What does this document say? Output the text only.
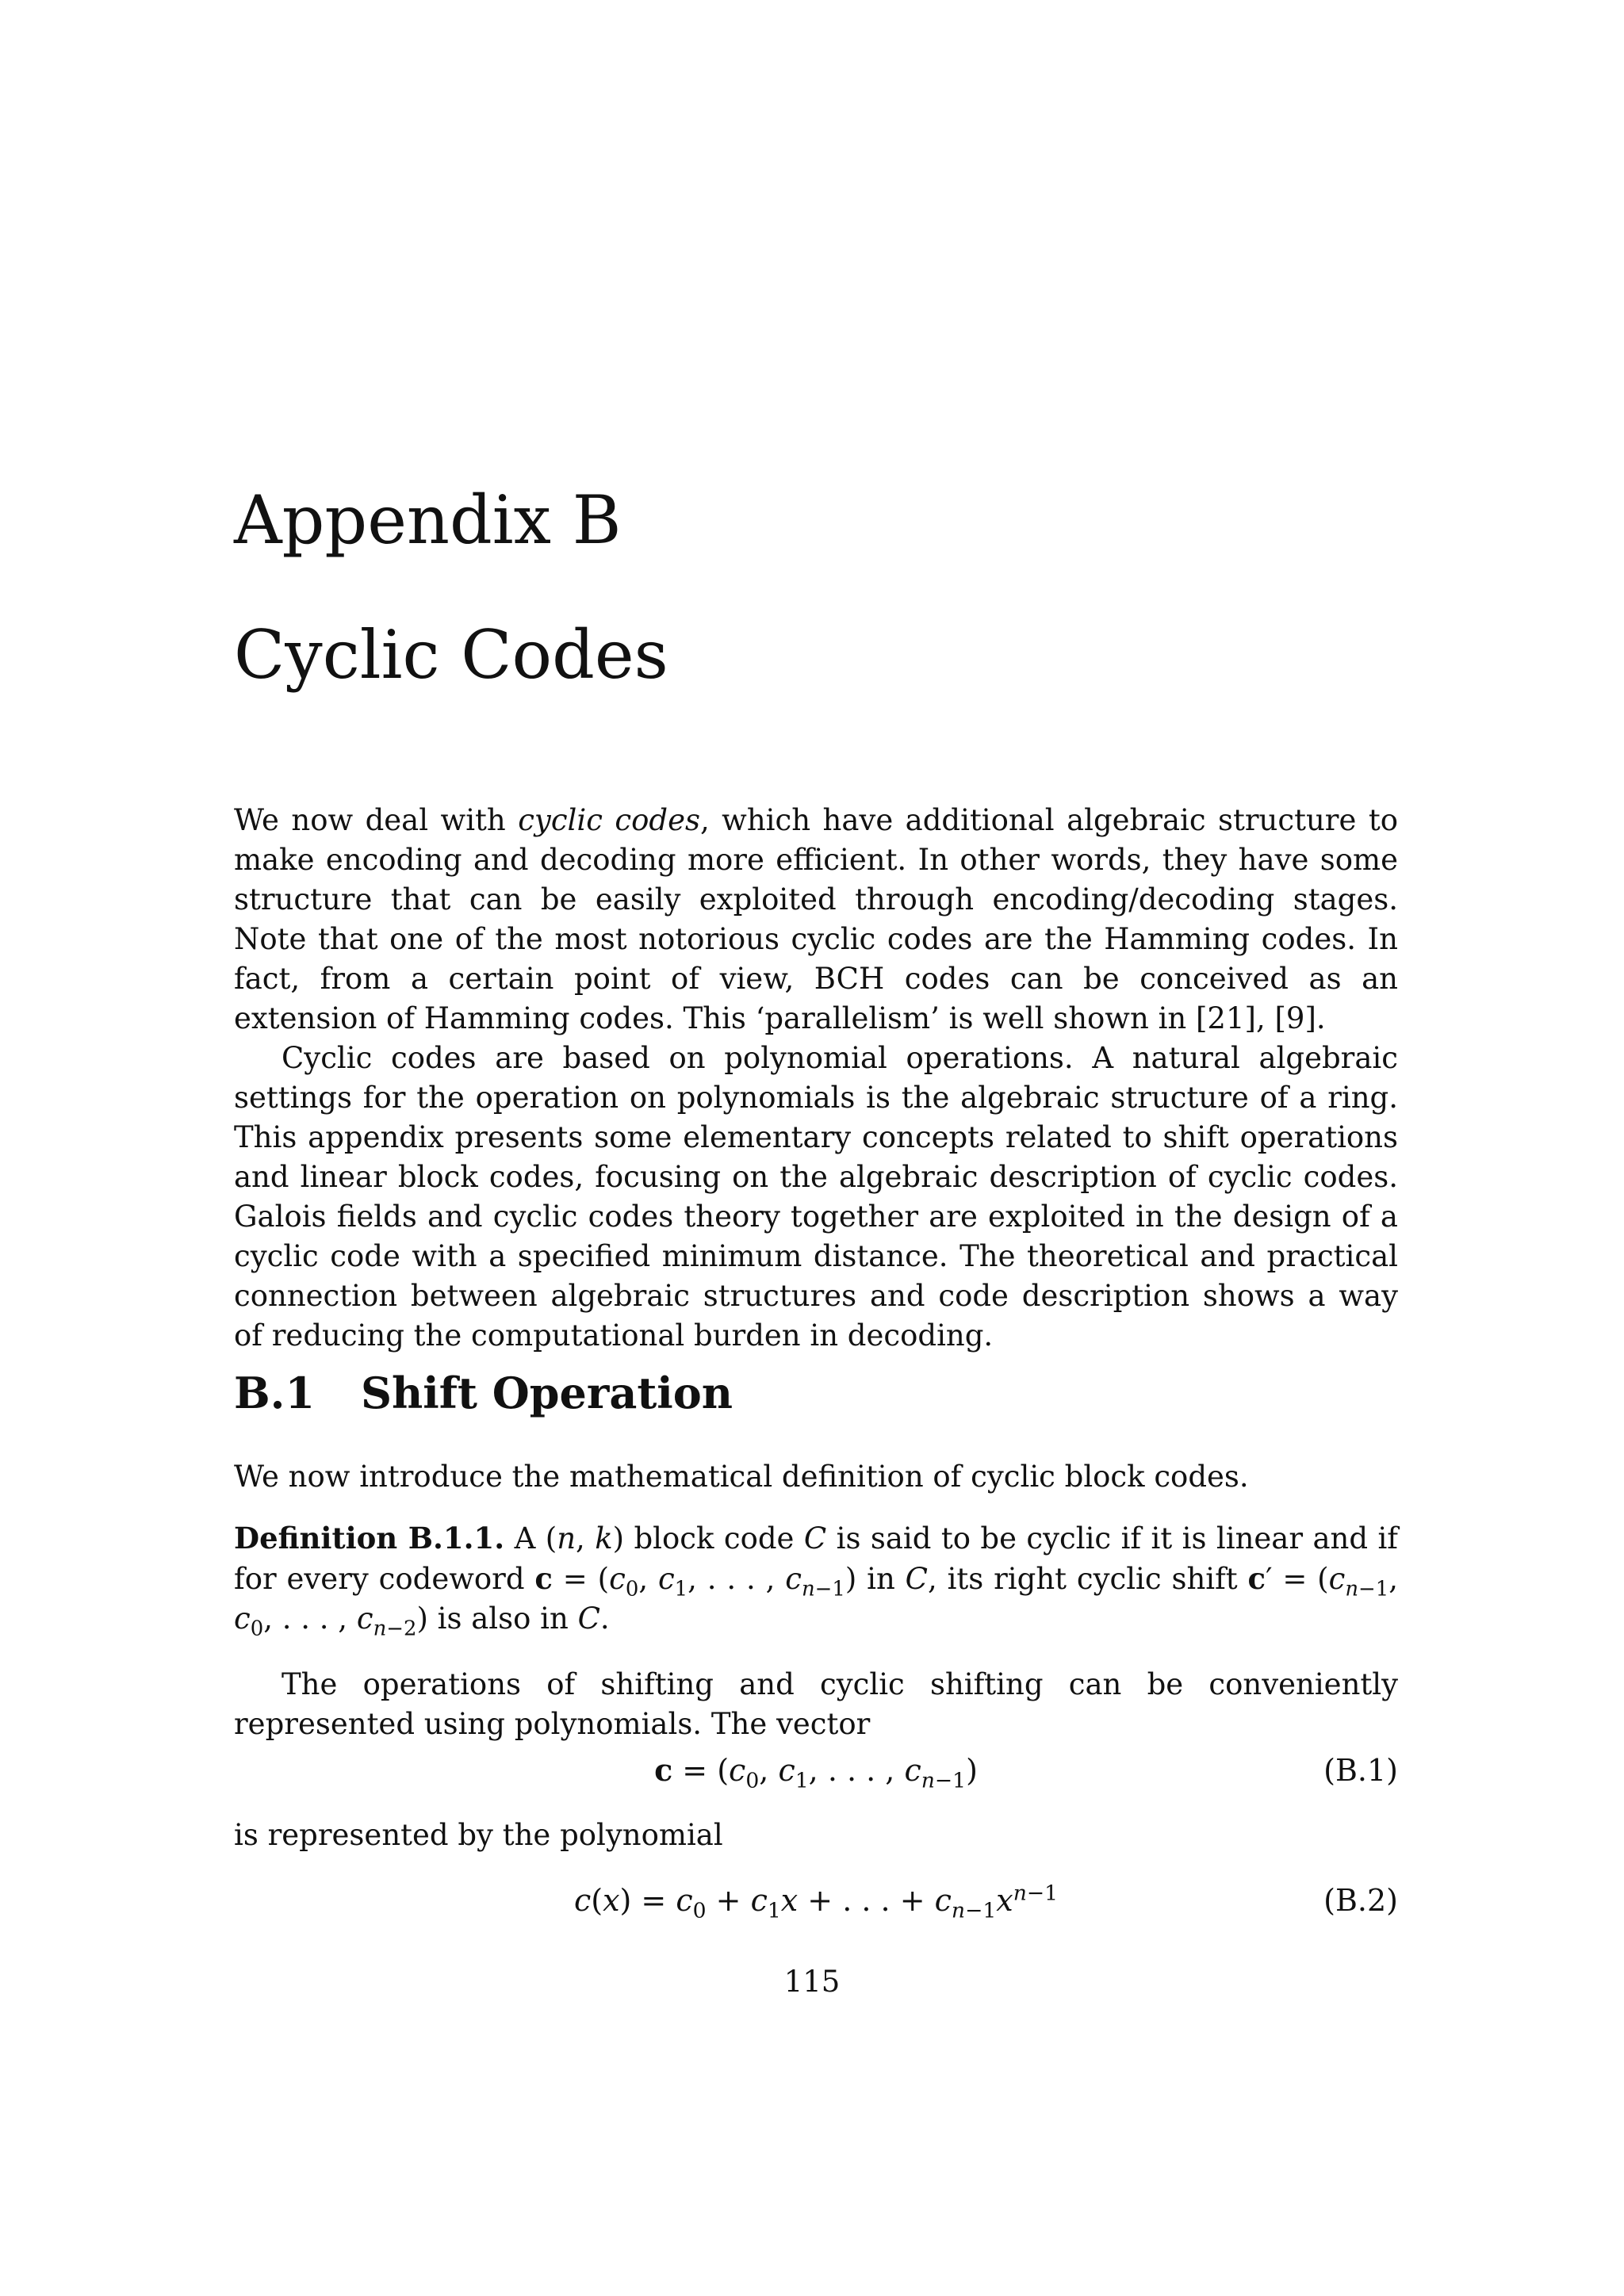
Appendix B
Cyclic Codes
We now deal with cyclic codes, which have additional algebraic structure to make encoding and decoding more efficient. In other words, they have some structure that can be easily exploited through encoding/decoding stages. Note that one of the most notorious cyclic codes are the Hamming codes. In fact, from a certain point of view, BCH codes can be conceived as an extension of Hamming codes. This ‘parallelism’ is well shown in [21], [9].
Cyclic codes are based on polynomial operations. A natural algebraic settings for the operation on polynomials is the algebraic structure of a ring. This appendix presents some elementary concepts related to shift operations and linear block codes, focusing on the algebraic description of cyclic codes. Galois fields and cyclic codes theory together are exploited in the design of a cyclic code with a specified minimum distance. The theoretical and practical connection between algebraic structures and code description shows a way of reducing the computational burden in decoding.
B.1 Shift Operation
We now introduce the mathematical definition of cyclic block codes.
Definition B.1.1. A (n, k) block code C is said to be cyclic if it is linear and if for every codeword $c = (c_0$, $c_1$, . . . , $c_{n-1}$) in C, its right cyclic shift $c' = (c_{n-1}$, $c_0$, . . . , $c_{n-2}$) is also in C.
The operations of shifting and cyclic shifting can be conveniently represented using polynomials. The vector
$c = (c_0$, $c_1$, . . . , $c_{n-1}$)	(B.1)
is represented by the polynomial
$c(x) = c_0 + c_1x$ + . . . + $c_{n-1}x^{n-1}$	(B.2)
115
